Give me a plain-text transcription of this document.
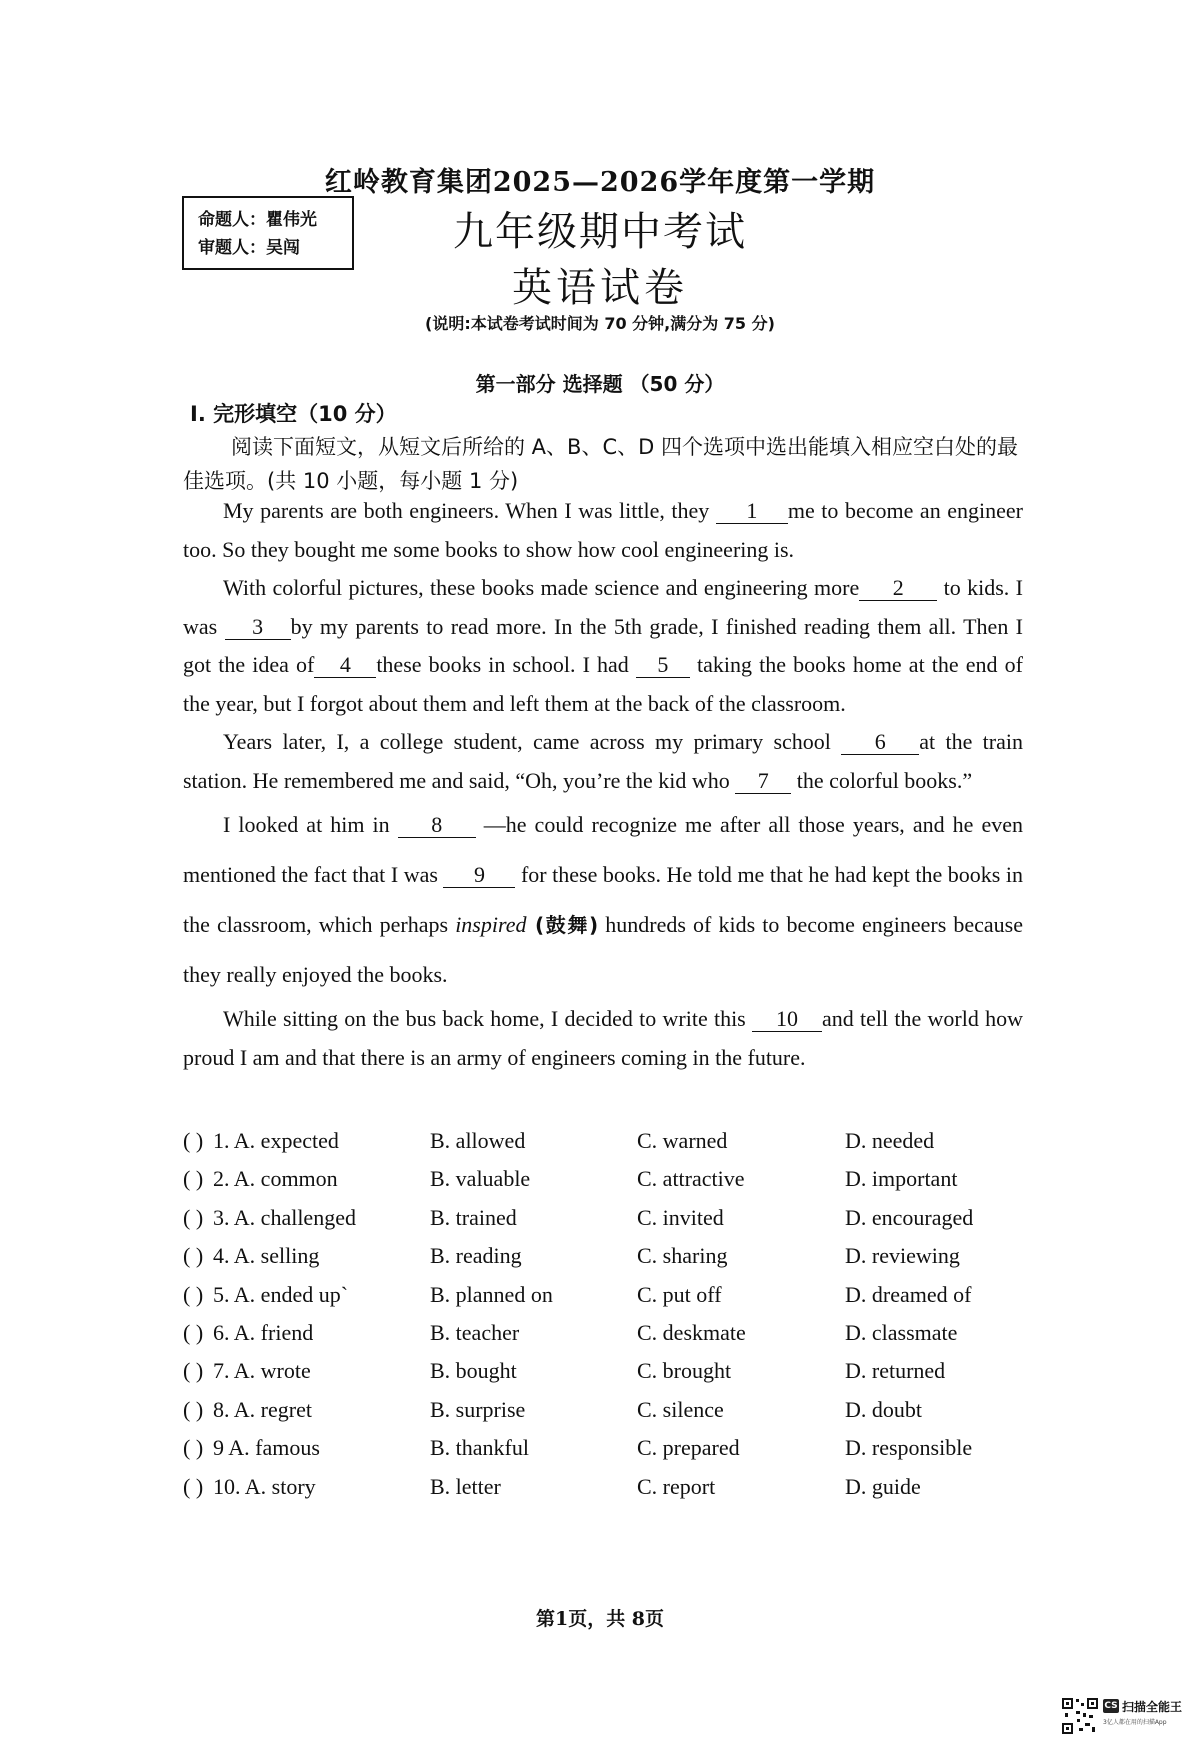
红岭教育集团2025—2026学年度第一学期
命题人：瞿伟光
审题人：吴闯	九年级期中考试
英语试卷
(说明:本试卷考试时间为 70 分钟,满分为 75 分)
第一部分 选择题 （50 分）
Ⅰ. 完形填空（10 分）
阅读下面短文，从短文后所给的 A、B、C、D 四个选项中选出能填入相应空白处的最佳选项。(共 10 小题，每小题 1 分)

My parents are both engineers. When I was little, they 1 me to become an engineer too. So they bought me some books to show how cool engineering is.

With colorful pictures, these books made science and engineering more 2 to kids. I was 3 by my parents to read more. In the 5th grade, I finished reading them all. Then I got the idea of 4 these books in school. I had 5 taking the books home at the end of the year, but I forgot about them and left them at the back of the classroom.

Years later, I, a college student, came across my primary school 6 at the train station. He remembered me and said, “Oh, you’re the kid who 7 the colorful books.”

I looked at him in 8 —he could recognize me after all those years, and he even mentioned the fact that I was 9 for these books. He told me that he had kept the books in the classroom, which perhaps inspired (鼓舞) hundreds of kids to become engineers because they really enjoyed the books.

While sitting on the bus back home, I decided to write this 10 and tell the world how proud I am and that there is an army of engineers coming in the future.

( ) 1. A. expected	B. allowed	C. warned	D. needed
( ) 2. A. common	B. valuable	C. attractive	D. important
( ) 3. A. challenged	B. trained	C. invited	D. encouraged
( ) 4. A. selling	B. reading	C. sharing	D. reviewing
( ) 5. A. ended up`	B. planned on	C. put off	D. dreamed of
( ) 6. A. friend	B. teacher	C. deskmate	D. classmate
( ) 7. A. wrote	B. bought	C. brought	D. returned
( ) 8. A. regret	B. surprise	C. silence	D. doubt
( ) 9 A. famous	B. thankful	C. prepared	D. responsible
( ) 10. A. story	B. letter	C. report	D. guide
第1页，共 8页
CS 扫描全能王
3亿人都在用的扫描App
